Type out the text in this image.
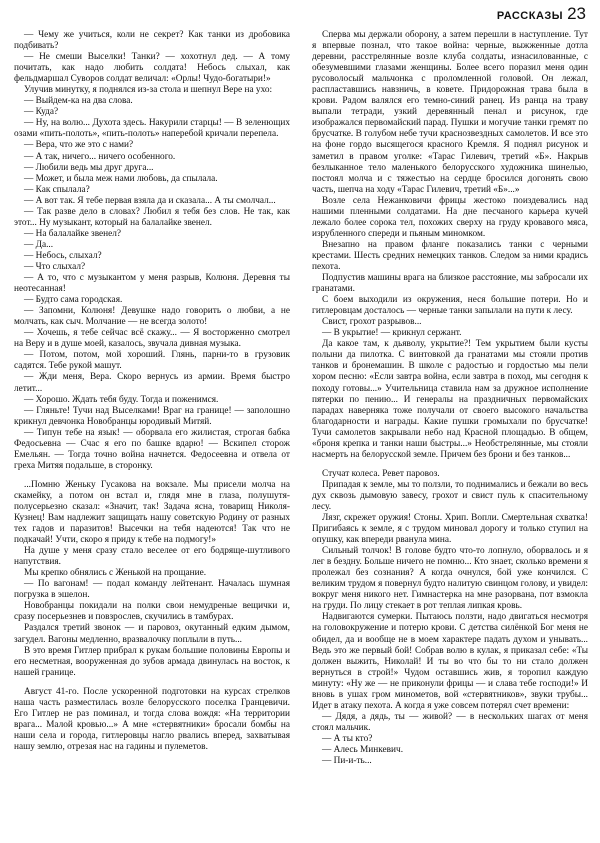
РАССКАЗЫ 23

— Чему же учиться, коли не секрет? Как танки из дробовика подбивать?

— Не смеши Выселки! Танки? — хохотнул дед. — А тому почитать, как надо любить солдата! Небось слыхал, как фельдмаршал Суворов солдат величал: «Орлы! Чудо-богатыри!»

Улучив минутку, я поднялся из-за стола и шепнул Вере на ухо:

— Выйдем-ка на два слова.

— Куда?

— Ну, на волю... Духота здесь. Накурили старцы! — В зеленющих озами «пить-полоть», «пить-полоть» наперебой кричали перепела.

— Вера, что же это с нами?

— А так, ничего... ничего особенного.

— Любили ведь мы друг друга...

— Может, и была меж нами любовь, да спылала.

— Как спылала?

— А вот так. Я тебе первая взяла да и сказала... А ты смолчал...

— Так разве дело в словах? Любил я тебя без слов. Не так, как этот... Ну музыкант, который на балалайке звенел.

— На балалайке звенел?

— Да...

— Небось, слыхал?

— Что слыхал?

— А то, что с музыкантом у меня разрыв, Колюня. Деревня ты неотесанная!

— Будто сама городская.

— Запомни, Колюня! Девушке надо говорить о любви, а не молчать, как сыч. Молчание — не всегда золото!

— Хочешь, я тебе сейчас всё скажу... — Я восторженно смотрел на Веру и в душе моей, казалось, звучала дивная музыка.

— Потом, потом, мой хороший. Глянь, парни-то в грузовик садятся. Тебе рукой машут.

— Жди меня, Вера. Скоро вернусь из армии. Время быстро летит...

— Хорошо. Ждать тебя буду. Тогда и поженимся.

— Гляньте! Тучи над Выселками! Враг на границе! — заполошно крикнул девчонка Новобранцы юродивый Митяй.

— Типун тебе на язык! — оборвала его жилистая, строгая бабка Федосьевна — Счас я его по башке вдарю! — Вскипел сторож Емельян. — Тогда точно война начнется. Федосеевна и отвела от греха Митяя подальше, в сторонку.

...Помню Женьку Гусакова на вокзале. Мы присели молча на скамейку, а потом он встал и, глядя мне в глаза, полушутя-полусерьезно сказал: «Значит, так! Задача ясна, товарищ Николя-Кузнец! Вам надлежит защищать нашу советскую Родину от разных тех гадов и паразитов! Высечки на тебя надеются! Так что не подкачай! Учти, скоро я приду к тебе на подмогу!»

На душе у меня сразу стало веселее от его бодряще-шутливого напутствия.

Мы крепко обнялись с Женькой на прощание.

— По вагонам! — подал команду лейтенант. Началась шумная погрузка в эшелон.

Новобранцы покидали на полки свои немудреные вещички и, сразу посерьезнев и повзрослев, скучились в тамбурах.

Раздался третий звонок — и паровоз, окутанный едким дымом, загудел. Вагоны медленно, вразвалочку поплыли в путь...

В это время Гитлер прибрал к рукам большие половины Европы и его несметная, вооруженная до зубов армада двинулась на восток, к нашей границе.

Август 41-го. После ускоренной подготовки на курсах стрелков наша часть разместилась возле белорусского поселка Гранцевичи. Его Гитлер не раз поминал, и тогда слова вождя: «На территории врага... Малой кровью...» А мне «стервятники» бросали бомбы на наши села и города, гитлеровцы нагло рвались вперед, захватывая нашу землю, отрезая нас на гадины и пулеметов.

Сперва мы держали оборону, а затем перешли в наступление. Тут я впервые познал, что такое война: черные, выжженные дотла деревни, расстрелянные возле клуба солдаты, изнасилованные, с обезумевшими глазами женщины. Более всего поразил меня один русоволосый мальчонка с проломленной головой. Он лежал, распластавшись навзничь, в ковете. Придорожная трава была в крови. Радом валялся его темно-синий ранец. Из ранца на траву выпали тетради, узкий деревянный пенал и рисунок, где изображался первомайский парад. Пушки и могучие танки гремят по брусчатке. В голубом небе тучи краснозвездных самолетов. И все это на фоне гордо высящегося красного Кремля. Я поднял рисунок и заметил в правом уголке: «Тарас Гилевич, третий «Б». Накрыв безлыканное тело маленького белорусского художника шинелью, постоял молча и с тяжестью на сердце бросился догонять свою часть, шепча на ходу «Тарас Гилевич, третий «Б»...»

Возле села Нежанковичи фрицы жестоко поиздевались над нашими пленными солдатами. На дне песчаного карьера кучей лежало более сорока тел, похожих сверху на груду кровавого мяса, изрубленного спереди и пьяным миномком.

Внезапно на правом фланге показались танки с черными крестами. Шесть средних немецких танков. Следом за ними крадись пехота.

Подпустив машины врага на близкое расстояние, мы забросали их гранатами.

С боем выходили из окружения, неся большие потери. Но и гитлеровцам досталось — черные танки запылали на пути к лесу.

Свист, грохот разрывов...

— В укрытие! — крикнул сержант.

Да какое там, к дьяволу, укрытие?! Тем укрытием были кусты полыни да пилотка. С винтовкой да гранатами мы стояли против танков и бронемашин. В школе с радостью и гордостью мы пели хором песню: «Если завтра война, если завтра в поход, мы сегодня к походу готовы...» Учительница ставила нам за дружное исполнение пятерки по пению... И генералы на праздничных первомайских парадах наверняка тоже получали от своего высокого начальства благодарности и награды. Какие пушки громыхали по брусчатке! Тучи самолетов закрывали небо над Красной площадью. В общем, «броня крепка и танки наши быстры...» Необстрелянные, мы стояли насмерть на белорусской земле. Причем без брони и без танков...

Стучат колеса. Ревет паровоз.

Припадая к земле, мы то ползли, то поднимались и бежали во весь дух сквозь дымовую завесу, грохот и свист пуль к спасительному лесу.

Лязг, скрежет оружия! Стоны. Хрип. Вопли. Смертельная схватка! Пригибаясь к земле, я с трудом миновал дорогу и только ступил на опушку, как впереди рванула мина.

Сильный толчок! В голове будто что-то лопнуло, оборвалось и я лег в бездну. Больше ничего не помню... Кто знает, сколько времени я пролежал без сознания? А когда очнулся, бой уже кончился. С великим трудом я повернул будто налитую свинцом голову, и увидел: вокруг меня никого нет. Гимнастерка на мне разорвана, пот взмокла на груди. По лицу стекает в рот теплая липкая кровь.

Надвигаются сумерки. Пытаюсь ползти, надо двигаться несмотря на головокружение и потерю крови. С детства силёнкой Бог меня не обидел, да и вообще не в моем характере падать духом и унывать... Ведь это же первый бой! Собрав волю в кулак, я приказал себе: «Ты должен выжить, Николай! И ты во что бы то ни стало должен вернуться в строй!» Чудом оставшись жив, я торопил каждую минуту: «Ну же — не приконули фрицы — и слава тебе господи!» И вновь в ушах гром минометов, вой «стервятников», звуки трубы... Идет в атаку пехота. А когда я уже совсем потерял счет времени:

— Дядя, а дядь, ты — живой? — в нескольких шагах от меня стоял мальчик.

— А ты кто?

— Алесь Минкевич.

— Пи-и-ть...
